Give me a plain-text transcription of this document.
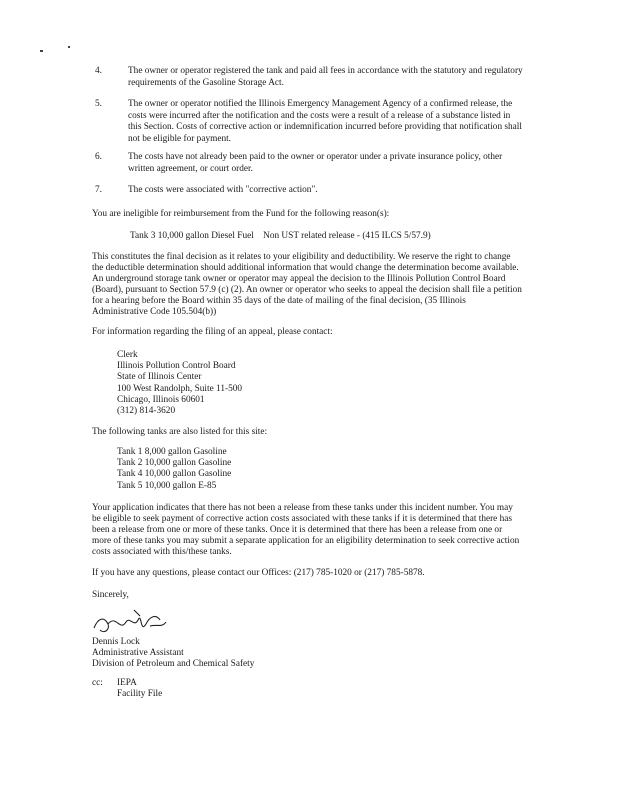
4.	The owner or operator registered the tank and paid all fees in accordance with the statutory and regulatory requirements of the Gasoline Storage Act.
5.	The owner or operator notified the Illinois Emergency Management Agency of a confirmed release, the costs were incurred after the notification and the costs were a result of a release of a substance listed in this Section. Costs of corrective action or indemnification incurred before providing that notification shall not be eligible for payment.
6.	The costs have not already been paid to the owner or operator under a private insurance policy, other written agreement, or court order.
7.	The costs were associated with "corrective action".
You are ineligible for reimbursement from the Fund for the following reason(s):
Tank 3 10,000 gallon Diesel Fuel    Non UST related release - (415 ILCS 5/57.9)
This constitutes the final decision as it relates to your eligibility and deductibility. We reserve the right to change the deductible determination should additional information that would change the determination become available. An underground storage tank owner or operator may appeal the decision to the Illinois Pollution Control Board (Board), pursuant to Section 57.9 (c) (2). An owner or operator who seeks to appeal the decision shall file a petition for a hearing before the Board within 35 days of the date of mailing of the final decision, (35 Illinois Administrative Code 105.504(b))
For information regarding the filing of an appeal, please contact:
Clerk
Illinois Pollution Control Board
State of Illinois Center
100 West Randolph, Suite 11-500
Chicago, Illinois 60601
(312) 814-3620
The following tanks are also listed for this site:
Tank 1 8,000 gallon Gasoline
Tank 2 10,000 gallon Gasoline
Tank 4 10,000 gallon Gasoline
Tank 5 10,000 gallon E-85
Your application indicates that there has not been a release from these tanks under this incident number. You may be eligible to seek payment of corrective action costs associated with these tanks if it is determined that there has been a release from one or more of these tanks. Once it is determined that there has been a release from one or more of these tanks you may submit a separate application for an eligibility determination to seek corrective action costs associated with this/these tanks.
If you have any questions, please contact our Offices: (217) 785-1020 or (217) 785-5878.
Sincerely,
Dennis Lock
Administrative Assistant
Division of Petroleum and Chemical Safety
cc: IEPA
Facility File
